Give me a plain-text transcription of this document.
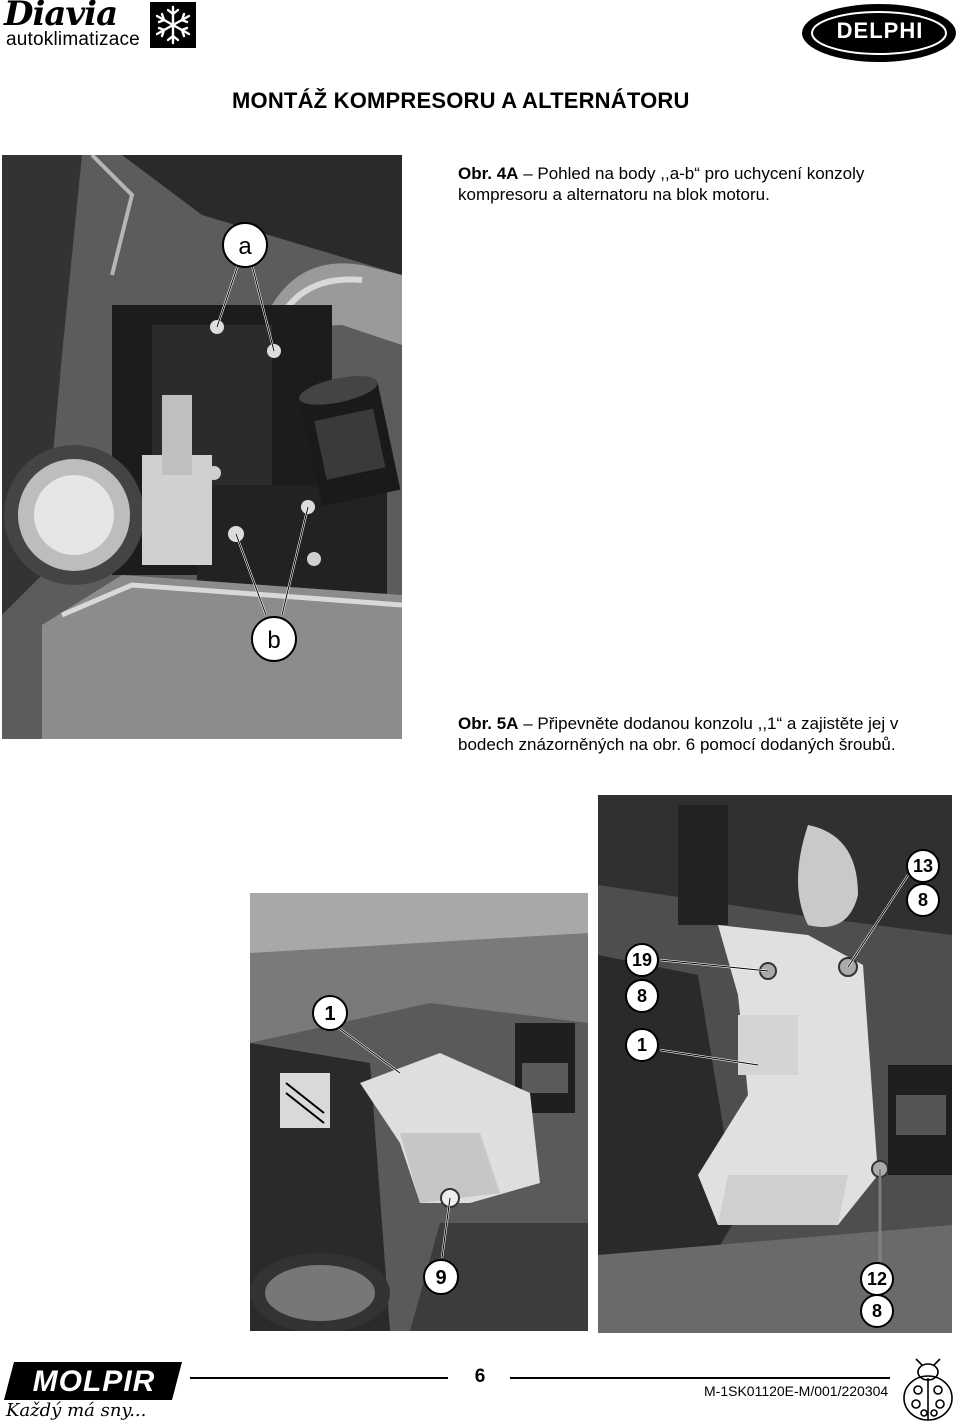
Diavia
autoklimatizace	DELPHI
MONTÁŽ KOMPRESORU A ALTERNÁTORU
a
b
Obr. 4A – Pohled na body ,,a-b“ pro uchycení konzoly kompresoru a alternatoru na blok motoru.
Obr. 5A – Připevněte dodanou konzolu ,,1“ a zajistěte jej v bodech znázorněných na obr. 6 pomocí dodaných šroubů.
1
9
13
8
19
8
1
12
8
MOLPIR
Každý má sny...
6
M-1SK01120E-M/001/220304
